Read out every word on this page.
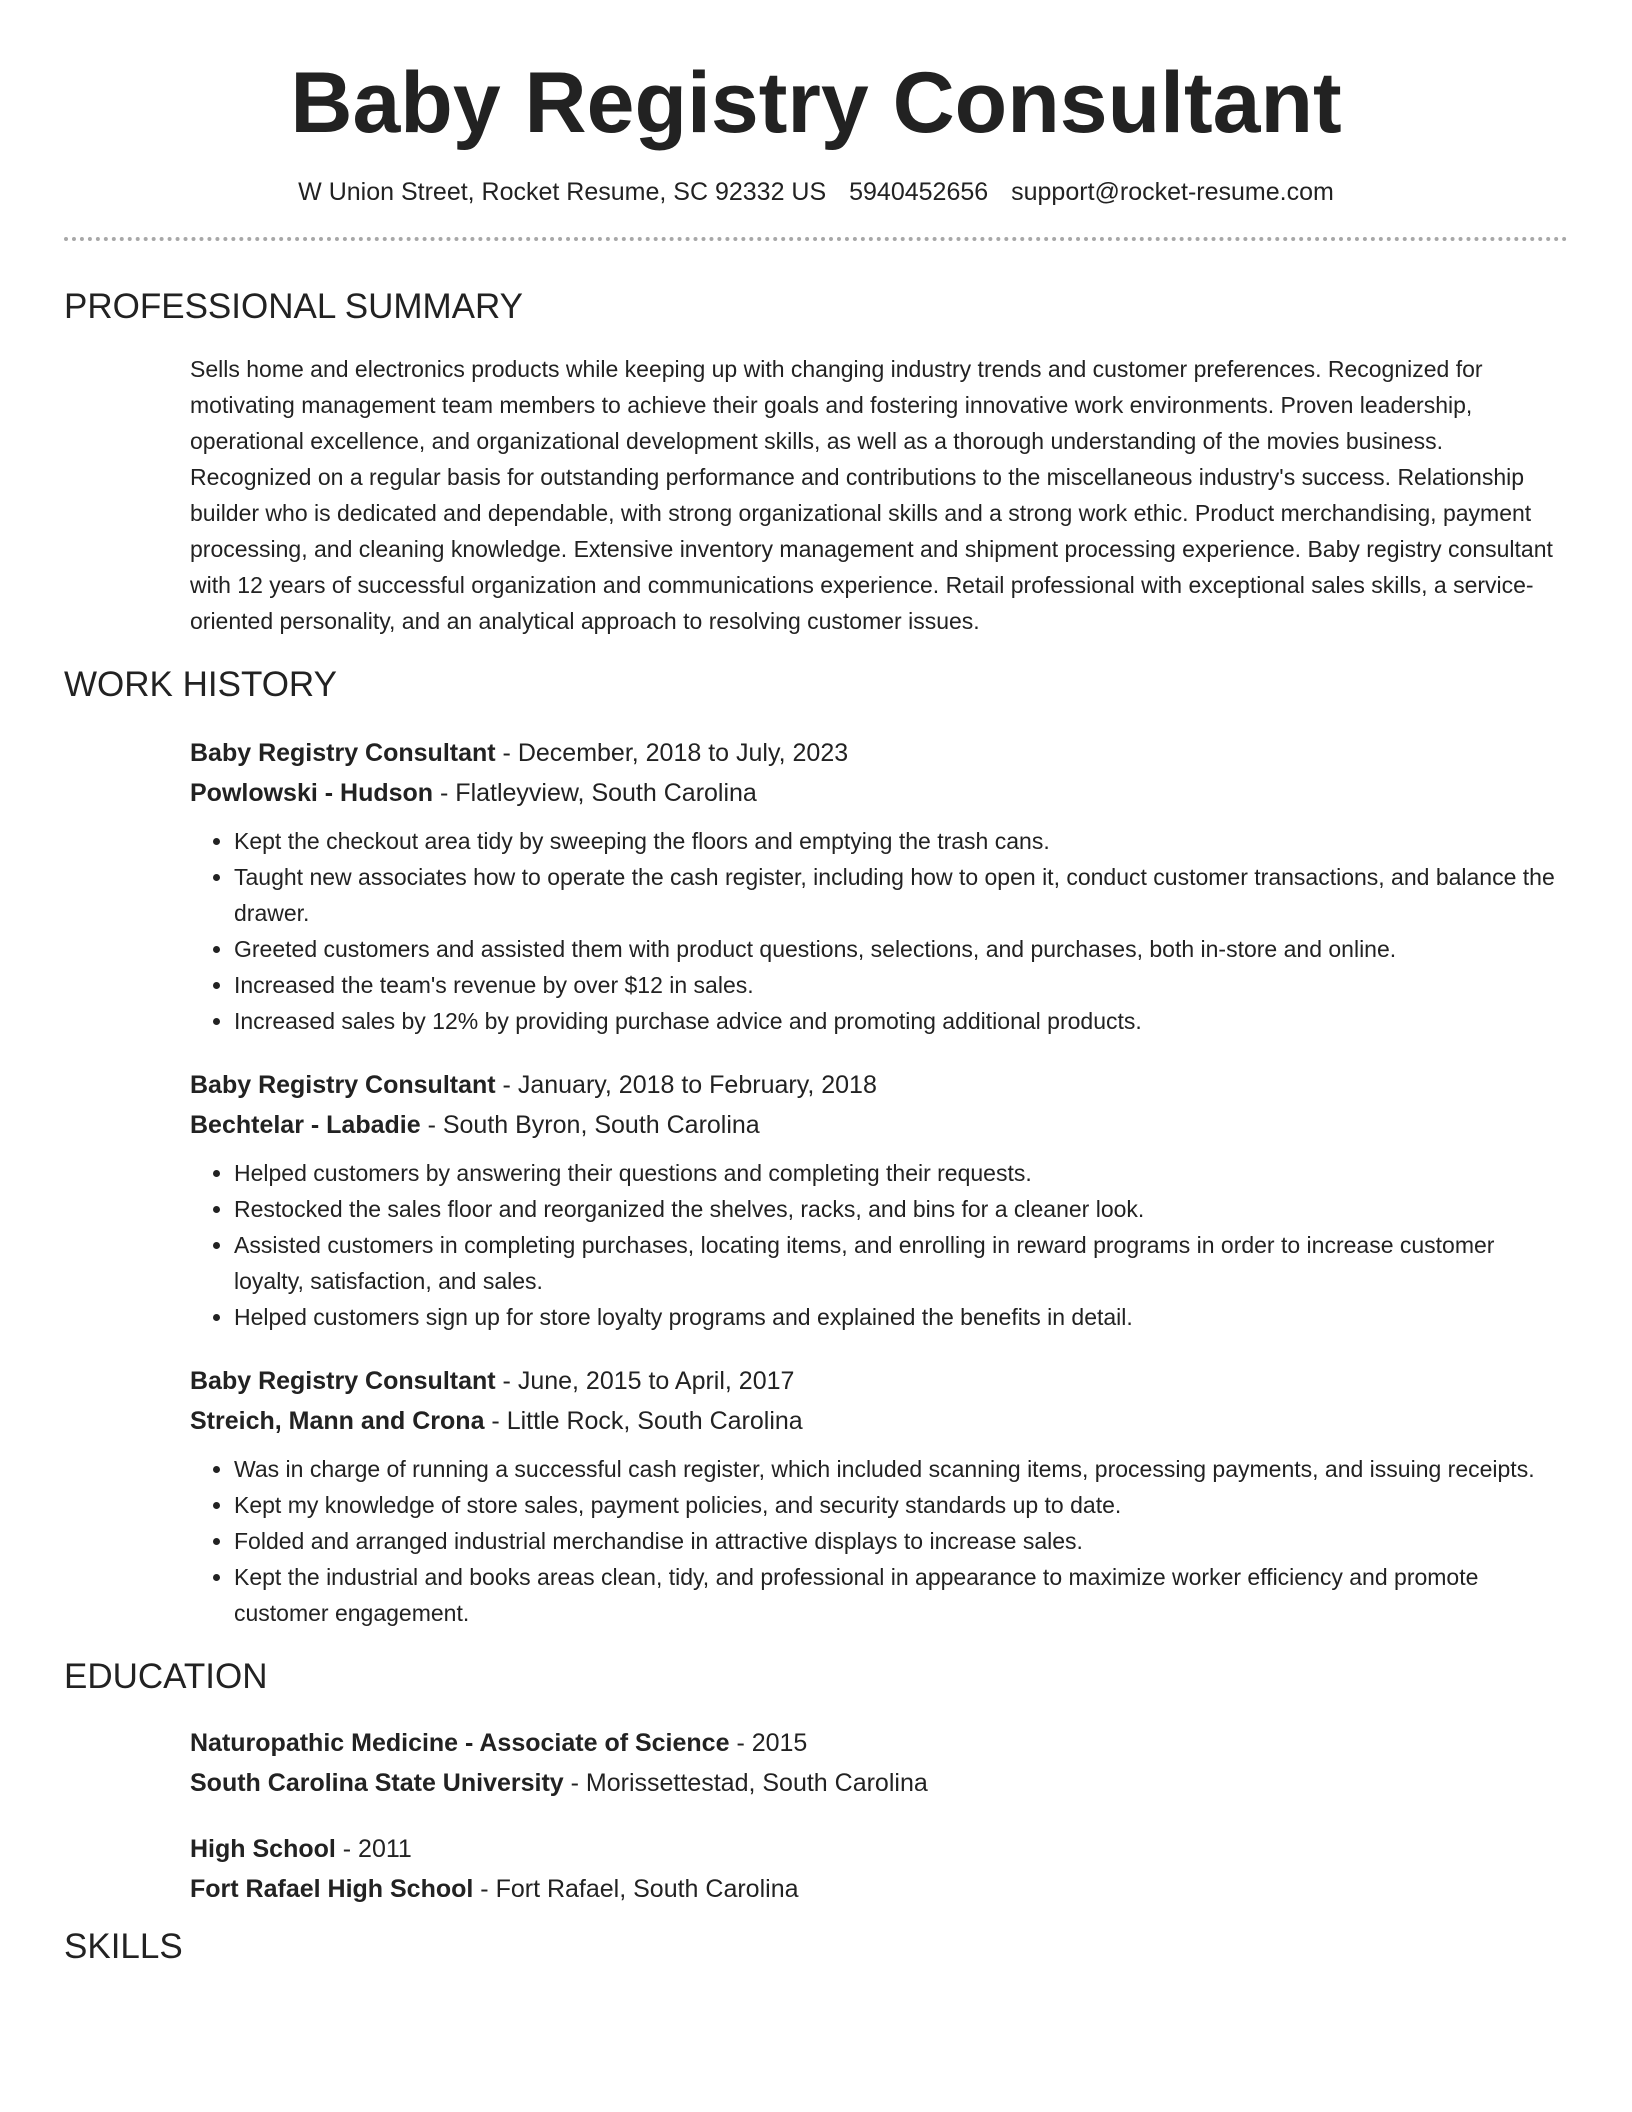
Baby Registry Consultant
W Union Street, Rocket Resume, SC 92332 US 5940452656 support@rocket-resume.com
PROFESSIONAL SUMMARY
Sells home and electronics products while keeping up with changing industry trends and customer preferences. Recognized for motivating management team members to achieve their goals and fostering innovative work environments. Proven leadership, operational excellence, and organizational development skills, as well as a thorough understanding of the movies business. Recognized on a regular basis for outstanding performance and contributions to the miscellaneous industry's success. Relationship builder who is dedicated and dependable, with strong organizational skills and a strong work ethic. Product merchandising, payment processing, and cleaning knowledge. Extensive inventory management and shipment processing experience. Baby registry consultant with 12 years of successful organization and communications experience. Retail professional with exceptional sales skills, a service-oriented personality, and an analytical approach to resolving customer issues.
WORK HISTORY
Baby Registry Consultant - December, 2018 to July, 2023
Powlowski - Hudson - Flatleyview, South Carolina
• Kept the checkout area tidy by sweeping the floors and emptying the trash cans.
• Taught new associates how to operate the cash register, including how to open it, conduct customer transactions, and balance the drawer.
• Greeted customers and assisted them with product questions, selections, and purchases, both in-store and online.
• Increased the team's revenue by over $12 in sales.
• Increased sales by 12% by providing purchase advice and promoting additional products.
Baby Registry Consultant - January, 2018 to February, 2018
Bechtelar - Labadie - South Byron, South Carolina
• Helped customers by answering their questions and completing their requests.
• Restocked the sales floor and reorganized the shelves, racks, and bins for a cleaner look.
• Assisted customers in completing purchases, locating items, and enrolling in reward programs in order to increase customer loyalty, satisfaction, and sales.
• Helped customers sign up for store loyalty programs and explained the benefits in detail.
Baby Registry Consultant - June, 2015 to April, 2017
Streich, Mann and Crona - Little Rock, South Carolina
• Was in charge of running a successful cash register, which included scanning items, processing payments, and issuing receipts.
• Kept my knowledge of store sales, payment policies, and security standards up to date.
• Folded and arranged industrial merchandise in attractive displays to increase sales.
• Kept the industrial and books areas clean, tidy, and professional in appearance to maximize worker efficiency and promote customer engagement.
EDUCATION
Naturopathic Medicine - Associate of Science - 2015
South Carolina State University - Morissettestad, South Carolina
High School - 2011
Fort Rafael High School - Fort Rafael, South Carolina
SKILLS
